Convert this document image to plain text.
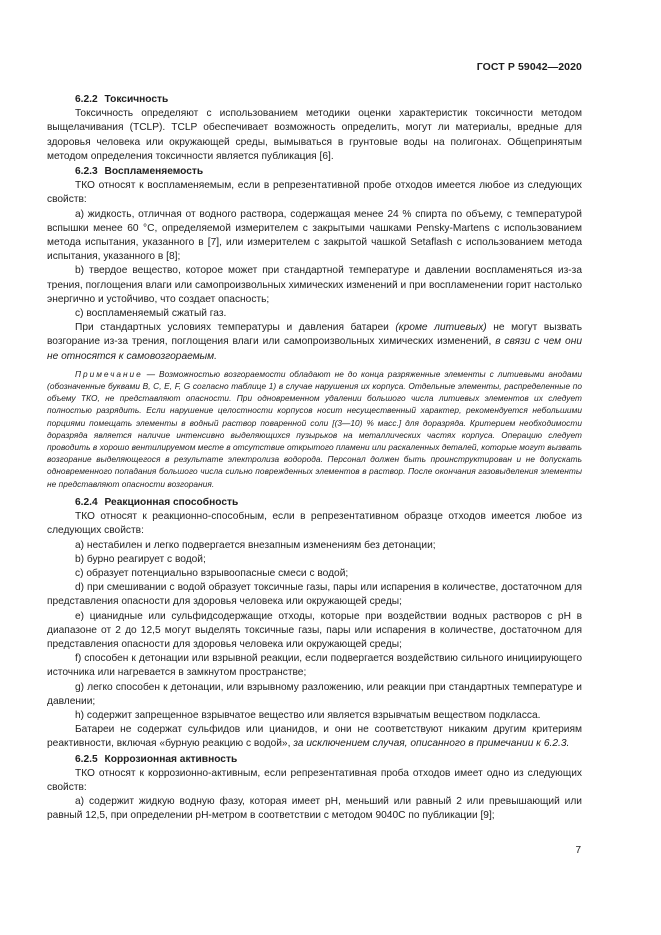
ГОСТ Р 59042—2020

6.2.2 Токсичность

Токсичность определяют с использованием методики оценки характеристик токсичности методом выщелачивания (TCLP). TCLP обеспечивает возможность определить, могут ли материалы, вредные для здоровья человека или окружающей среды, вымываться в грунтовые воды на полигонах. Общепринятым методом определения токсичности является публикация [6].

6.2.3 Воспламеняемость

ТКО относят к воспламеняемым, если в репрезентативной пробе отходов имеется любое из следующих свойств:

а) жидкость, отличная от водного раствора, содержащая менее 24 % спирта по объему, с температурой вспышки менее 60 °С, определяемой измерителем с закрытыми чашками Pensky-Martens с использованием метода испытания, указанного в [7], или измерителем с закрытой чашкой Setaflash с использованием метода испытания, указанного в [8];

b) твердое вещество, которое может при стандартной температуре и давлении воспламеняться из-за трения, поглощения влаги или самопроизвольных химических изменений и при воспламенении горит настолько энергично и устойчиво, что создает опасность;

c) воспламеняемый сжатый газ.

При стандартных условиях температуры и давления батареи (кроме литиевых) не могут вызвать возгорание из-за трения, поглощения влаги или самопроизвольных химических изменений, в связи с чем они не относятся к самовозгораемым.

Примечание — Возможностью возгораемости обладают не до конца разряженные элементы с литиевыми анодами (обозначенные буквами B, C, E, F, G согласно таблице 1) в случае нарушения их корпуса. Отдельные элементы, распределенные по объему ТКО, не представляют опасности. При одновременном удалении большого числа литиевых элементов их следует полностью разрядить. Если нарушение целостности корпусов носит несущественный характер, рекомендуется небольшими порциями помещать элементы в водный раствор поваренной соли [(3—10) % масс.] для доразряда. Критерием необходимости доразряда является наличие интенсивно выделяющихся пузырьков на металлических частях корпуса. Операцию следует проводить в хорошо вентилируемом месте в отсутствие открытого пламени или раскаленных деталей, которые могут вызвать возгорание выделяющегося в результате электролиза водорода. Персонал должен быть проинструктирован и не допускать одновременного попадания большого числа сильно поврежденных элементов в раствор. После окончания газовыделения элементы не представляют опасности возгорания.

6.2.4 Реакционная способность

ТКО относят к реакционно-способным, если в репрезентативном образце отходов имеется любое из следующих свойств:

а) нестабилен и легко подвергается внезапным изменениям без детонации;

b) бурно реагирует с водой;

c) образует потенциально взрывоопасные смеси с водой;

d) при смешивании с водой образует токсичные газы, пары или испарения в количестве, достаточном для представления опасности для здоровья человека или окружающей среды;

e) цианидные или сульфидсодержащие отходы, которые при воздействии водных растворов с pH в диапазоне от 2 до 12,5 могут выделять токсичные газы, пары или испарения в количестве, достаточном для представления опасности для здоровья человека или окружающей среды;

f) способен к детонации или взрывной реакции, если подвергается воздействию сильного инициирующего источника или нагревается в замкнутом пространстве;

g) легко способен к детонации, или взрывному разложению, или реакции при стандартных температуре и давлении;

h) содержит запрещенное взрывчатое вещество или является взрывчатым веществом подкласса.

Батареи не содержат сульфидов или цианидов, и они не соответствуют никаким другим критериям реактивности, включая «бурную реакцию с водой», за исключением случая, описанного в примечании к 6.2.3.

6.2.5 Коррозионная активность

ТКО относят к коррозионно-активным, если репрезентативная проба отходов имеет одно из следующих свойств:

а) содержит жидкую водную фазу, которая имеет pH, меньший или равный 2 или превышающий или равный 12,5, при определении pH-метром в соответствии с методом 9040С по публикации [9];

7
